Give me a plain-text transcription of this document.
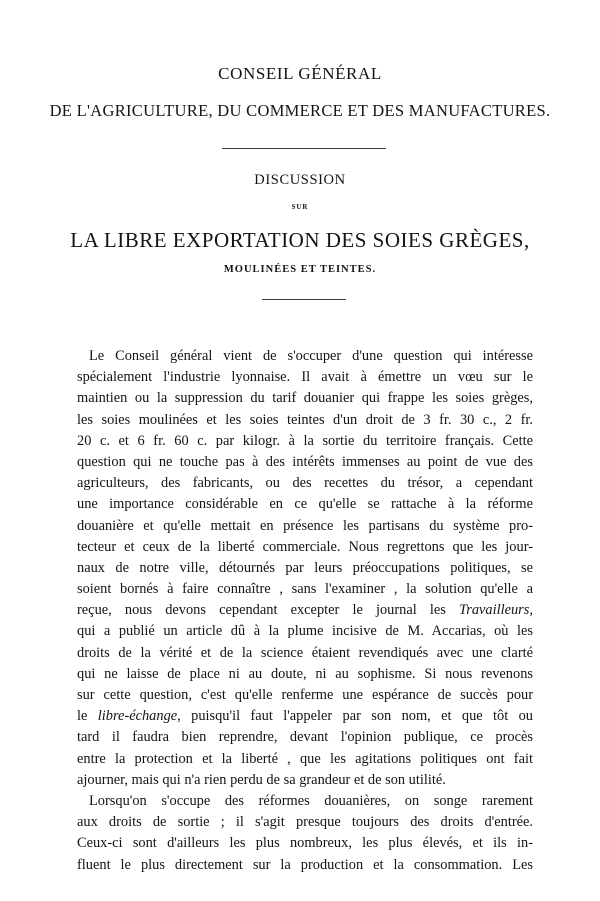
CONSEIL GÉNÉRAL
DE L'AGRICULTURE, DU COMMERCE ET DES MANUFACTURES.
DISCUSSION
SUR
LA LIBRE EXPORTATION DES SOIES GRÈGES,
MOULINÉES ET TEINTES.
Le Conseil général vient de s'occuper d'une question qui intéresse
spécialement l'industrie lyonnaise. Il avait à émettre un vœu sur le
maintien ou la suppression du tarif douanier qui frappe les soies grèges,
les soies moulinées et les soies teintes d'un droit de 3 fr. 30 c., 2 fr.
20 c. et 6 fr. 60 c. par kilogr. à la sortie du territoire français. Cette
question qui ne touche pas à des intérêts immenses au point de vue des
agriculteurs, des fabricants, ou des recettes du trésor, a cependant
une importance considérable en ce qu'elle se rattache à la réforme
douanière et qu'elle mettait en présence les partisans du système pro-
tecteur et ceux de la liberté commerciale. Nous regrettons que les jour-
naux de notre ville, détournés par leurs préoccupations politiques, se
soient bornés à faire connaître , sans l'examiner , la solution qu'elle a
reçue, nous devons cependant excepter le journal les Travailleurs,
qui a publié un article dû à la plume incisive de M. Accarias, où les
droits de la vérité et de la science étaient revendiqués avec une clarté
qui ne laisse de place ni au doute, ni au sophisme. Si nous revenons
sur cette question, c'est qu'elle renferme une espérance de succès pour
le libre-échange, puisqu'il faut l'appeler par son nom, et que tôt ou
tard il faudra bien reprendre, devant l'opinion publique, ce procès
entre la protection et la liberté , que les agitations politiques ont fait
ajourner, mais qui n'a rien perdu de sa grandeur et de son utilité.
Lorsqu'on s'occupe des réformes douanières, on songe rarement
aux droits de sortie ; il s'agit presque toujours des droits d'entrée.
Ceux-ci sont d'ailleurs les plus nombreux, les plus élevés, et ils in-
fluent le plus directement sur la production et la consommation. Les
